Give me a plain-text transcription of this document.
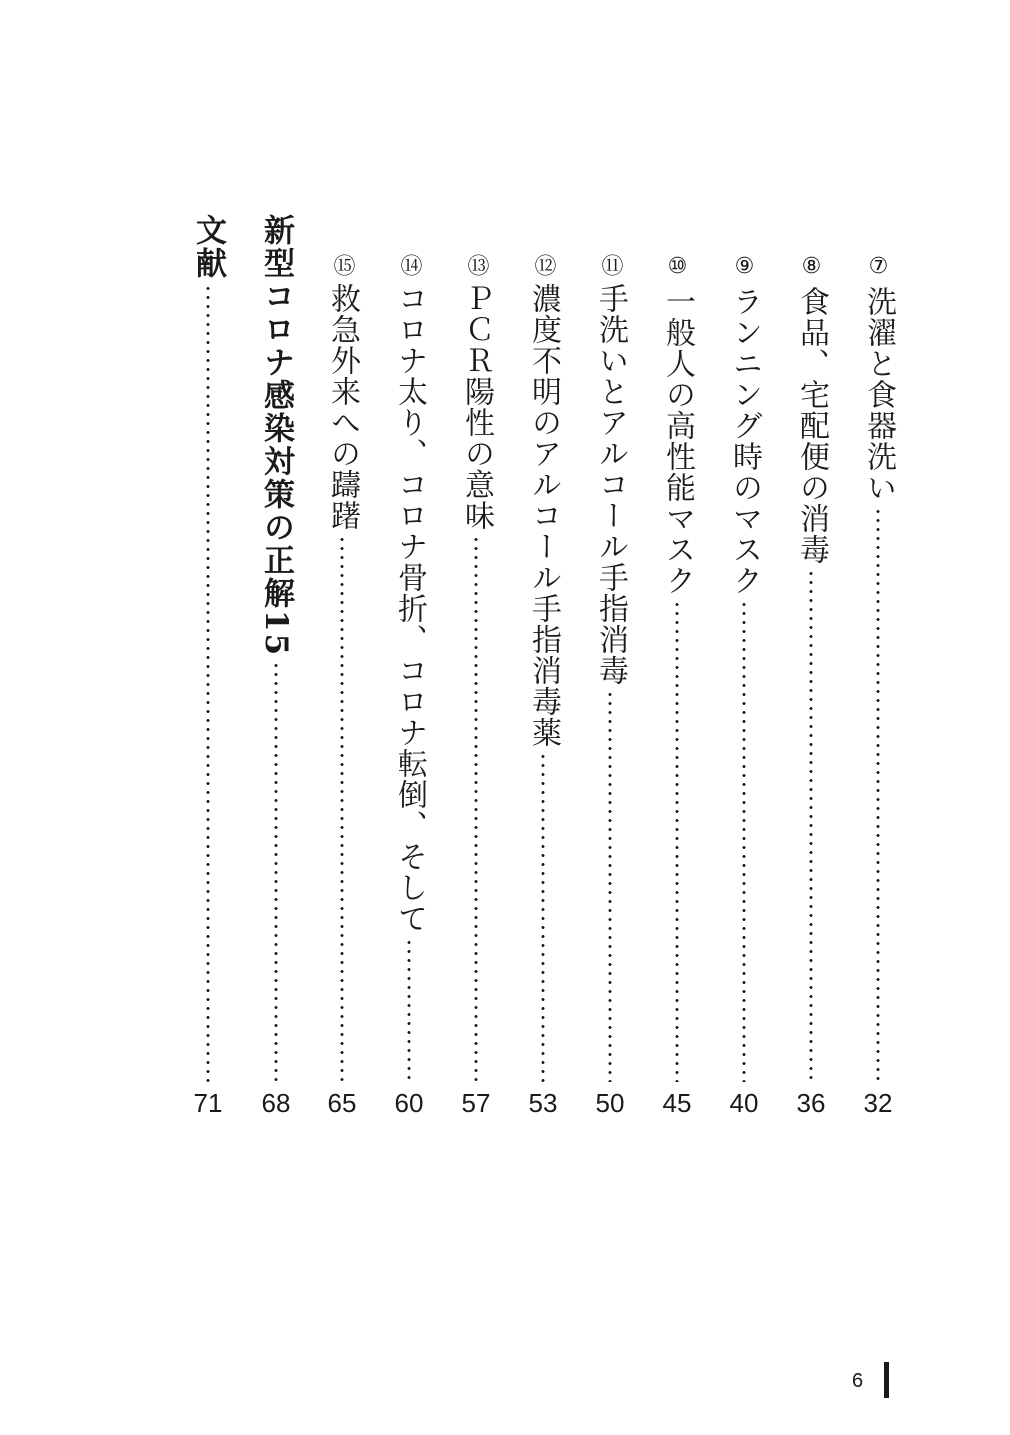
⑦
洗濯と食器洗い
⑧
食品、宅配便の消毒
⑨
ランニング時のマスク
⑩
一般人の高性能マスク
⑪
手洗いとアルコール手指消毒
⑫
濃度不明のアルコール手指消毒薬
⑬
ＰＣＲ陽性の意味
⑭
コロナ太り、コロナ骨折、コロナ転倒、そして
⑮
救急外来への躊躇
新型コロナ感染対策の正解15
文献
32
36
40
45
50
53
57
60
65
68
71
6
